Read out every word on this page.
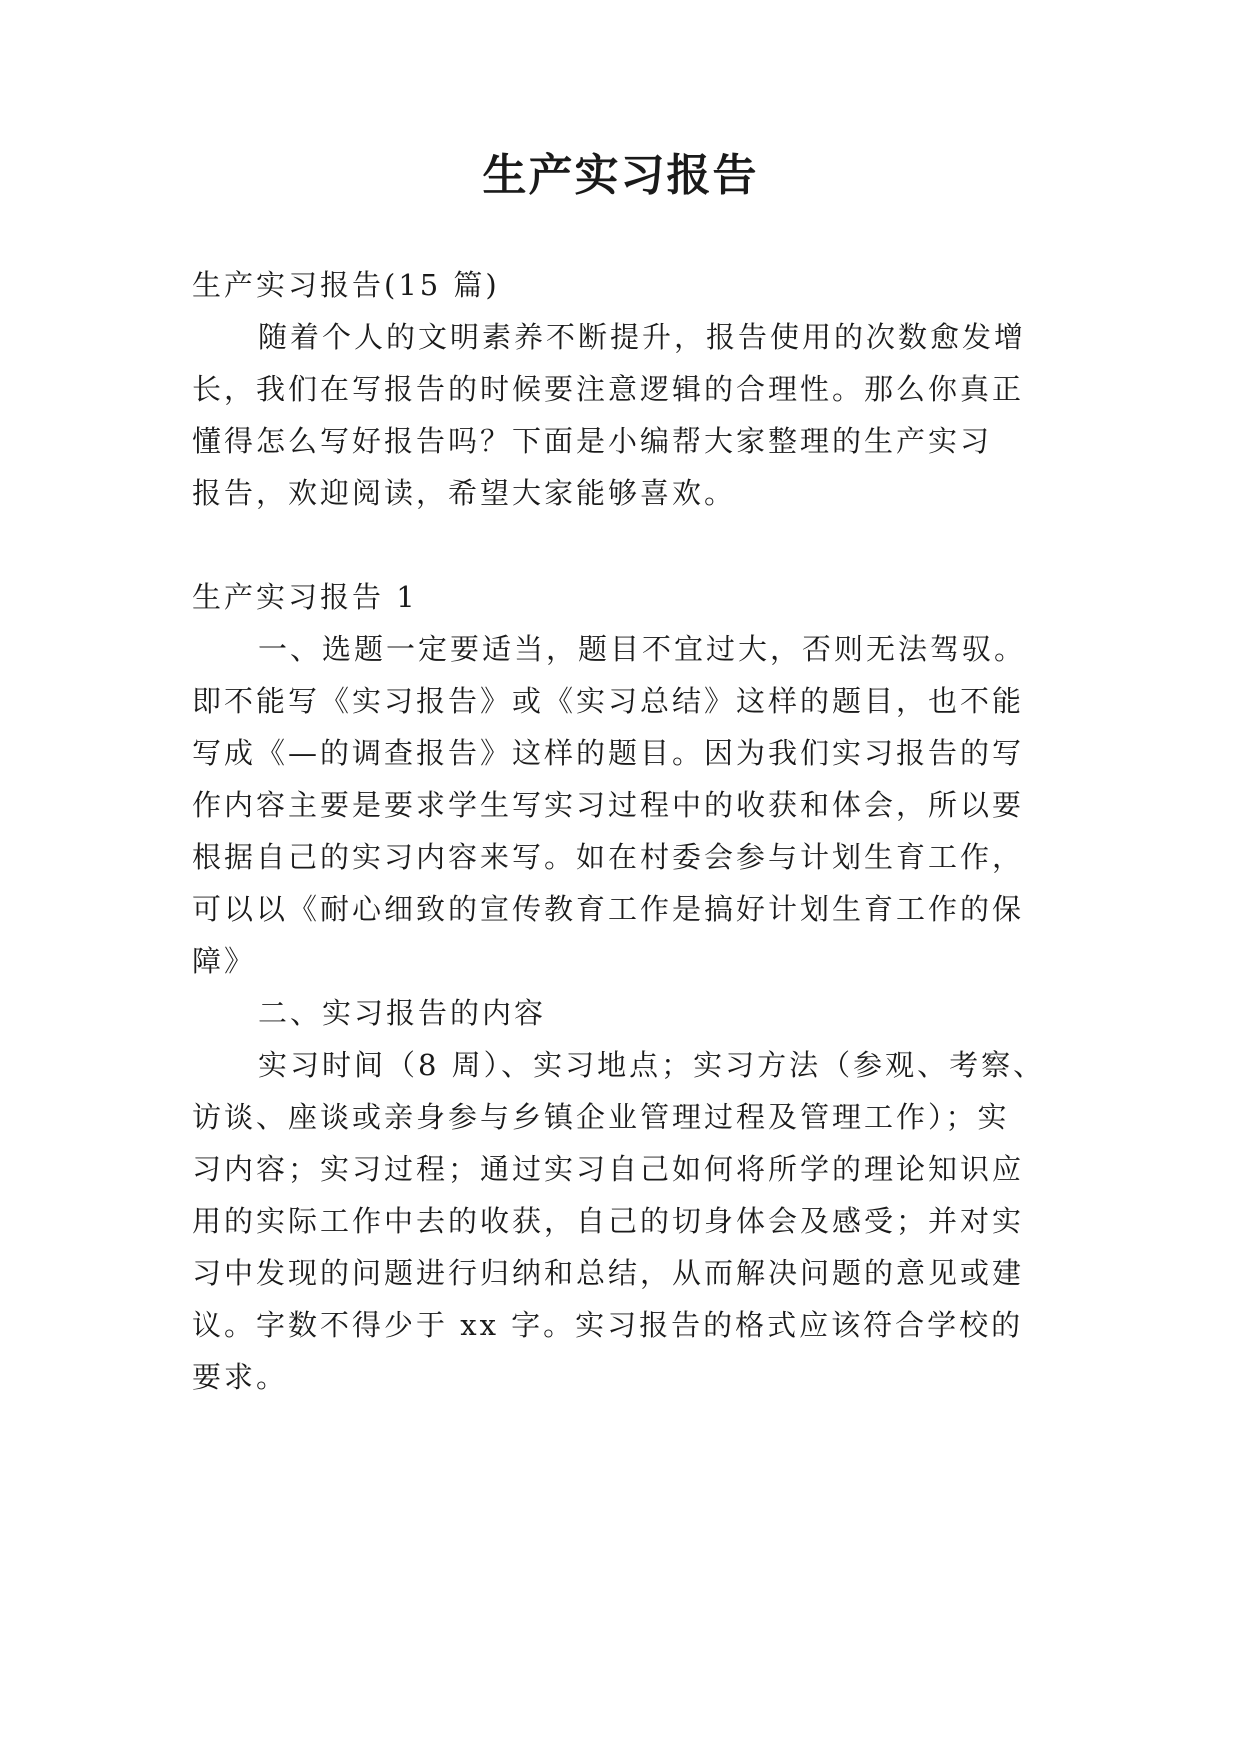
生产实习报告
生产实习报告(15 篇)
随着个人的文明素养不断提升，报告使用的次数愈发增
长，我们在写报告的时候要注意逻辑的合理性。那么你真正
懂得怎么写好报告吗？下面是小编帮大家整理的生产实习
报告，欢迎阅读，希望大家能够喜欢。
生产实习报告 1
一、选题一定要适当，题目不宜过大，否则无法驾驭。
即不能写《实习报告》或《实习总结》这样的题目，也不能
写成《—的调查报告》这样的题目。因为我们实习报告的写
作内容主要是要求学生写实习过程中的收获和体会，所以要
根据自己的实习内容来写。如在村委会参与计划生育工作，
可以以《耐心细致的宣传教育工作是搞好计划生育工作的保
障》
二、实习报告的内容
实习时间（8 周）、实习地点；实习方法（参观、考察、
访谈、座谈或亲身参与乡镇企业管理过程及管理工作）；实
习内容；实习过程；通过实习自己如何将所学的理论知识应
用的实际工作中去的收获，自己的切身体会及感受；并对实
习中发现的问题进行归纳和总结，从而解决问题的意见或建
议。字数不得少于 xx 字。实习报告的格式应该符合学校的
要求。
